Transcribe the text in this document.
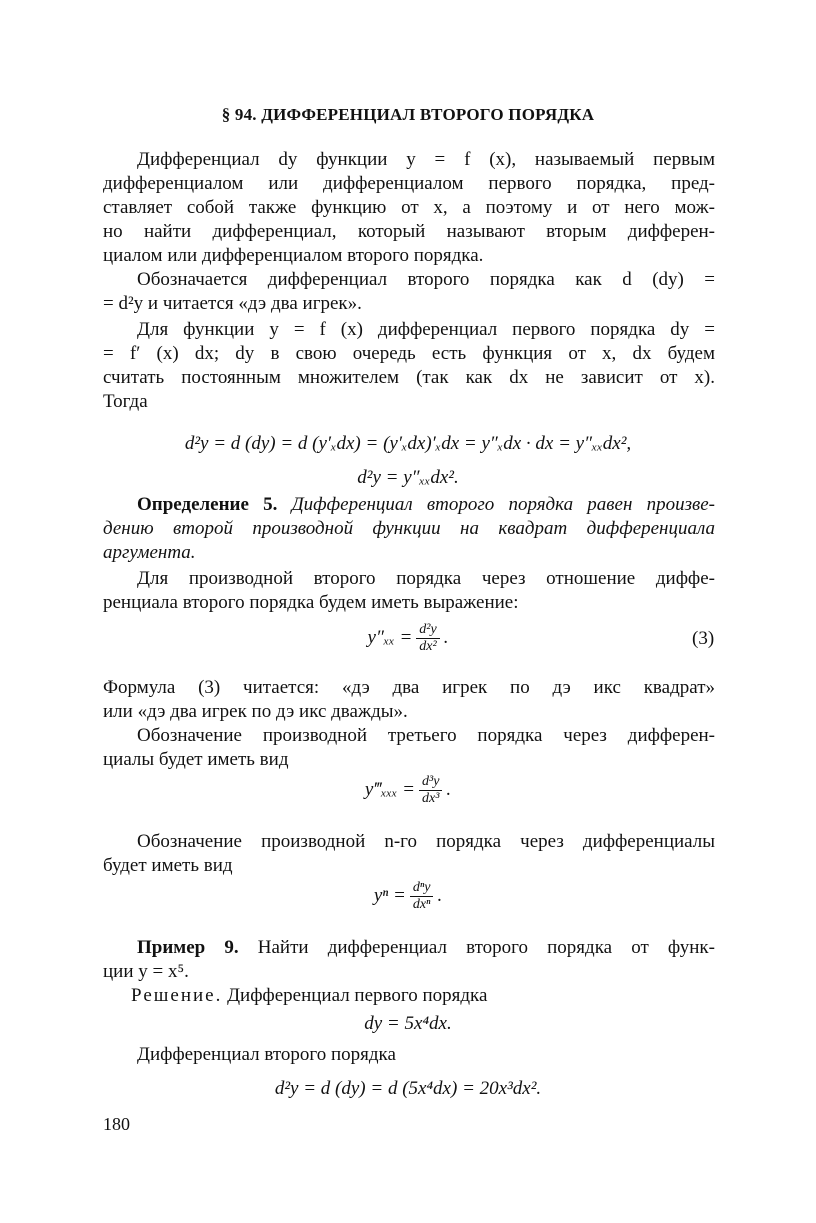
§ 94. ДИФФЕРЕНЦИАЛ ВТОРОГО ПОРЯДКА
Дифференциал dy функции y = f (x), называемый первым
дифференциалом или дифференциалом первого порядка, пред-
ставляет собой также функцию от x, а поэтому и от него мож-
но найти дифференциал, который называют вторым дифферен-
циалом или дифференциалом второго порядка.
Обозначается дифференциал второго порядка как d (dy) =
= d²y и читается «дэ два игрек».
Для функции y = f (x) дифференциал первого порядка dy =
= f′ (x) dx; dy в свою очередь есть функция от x, dx будем
считать постоянным множителем (так как dx не зависит от x).
Тогда
d²y = d (dy) = d (y′ₓdx) = (y′ₓdx)′ₓdx = y″ₓdx · dx = y″ₓₓdx²,
d²y = y″ₓₓdx².
Определение 5. Дифференциал второго порядка равен произве-
дению второй производной функции на квадрат дифференциала
аргумента.
Для производной второго порядка через отношение диффе-
ренциала второго порядка будем иметь выражение:
$y''_{xx} = \frac{\text{d²y}}{\text{dx²}}$ .	(3)
Формула (3) читается: «дэ два игрек по дэ икс квадрат»
или «дэ два игрек по дэ икс дважды».
Обозначение производной третьего порядка через дифферен-
циалы будет иметь вид
y‴ₓₓₓ = $\frac{\text{d³y}}{\text{dx³}}$ .
Обозначение производной n-го порядка через дифференциалы
будет иметь вид
$y^n = \frac{\text{dⁿy}}{\text{dxⁿ}}$ .
Пример 9. Найти дифференциал второго порядка от функ-
ции y = x⁵.
Решение. Дифференциал первого порядка
dy = 5x⁴dx.
Дифференциал второго порядка
d²y = d (dy) = d (5x⁴dx) = 20x³dx².
180
